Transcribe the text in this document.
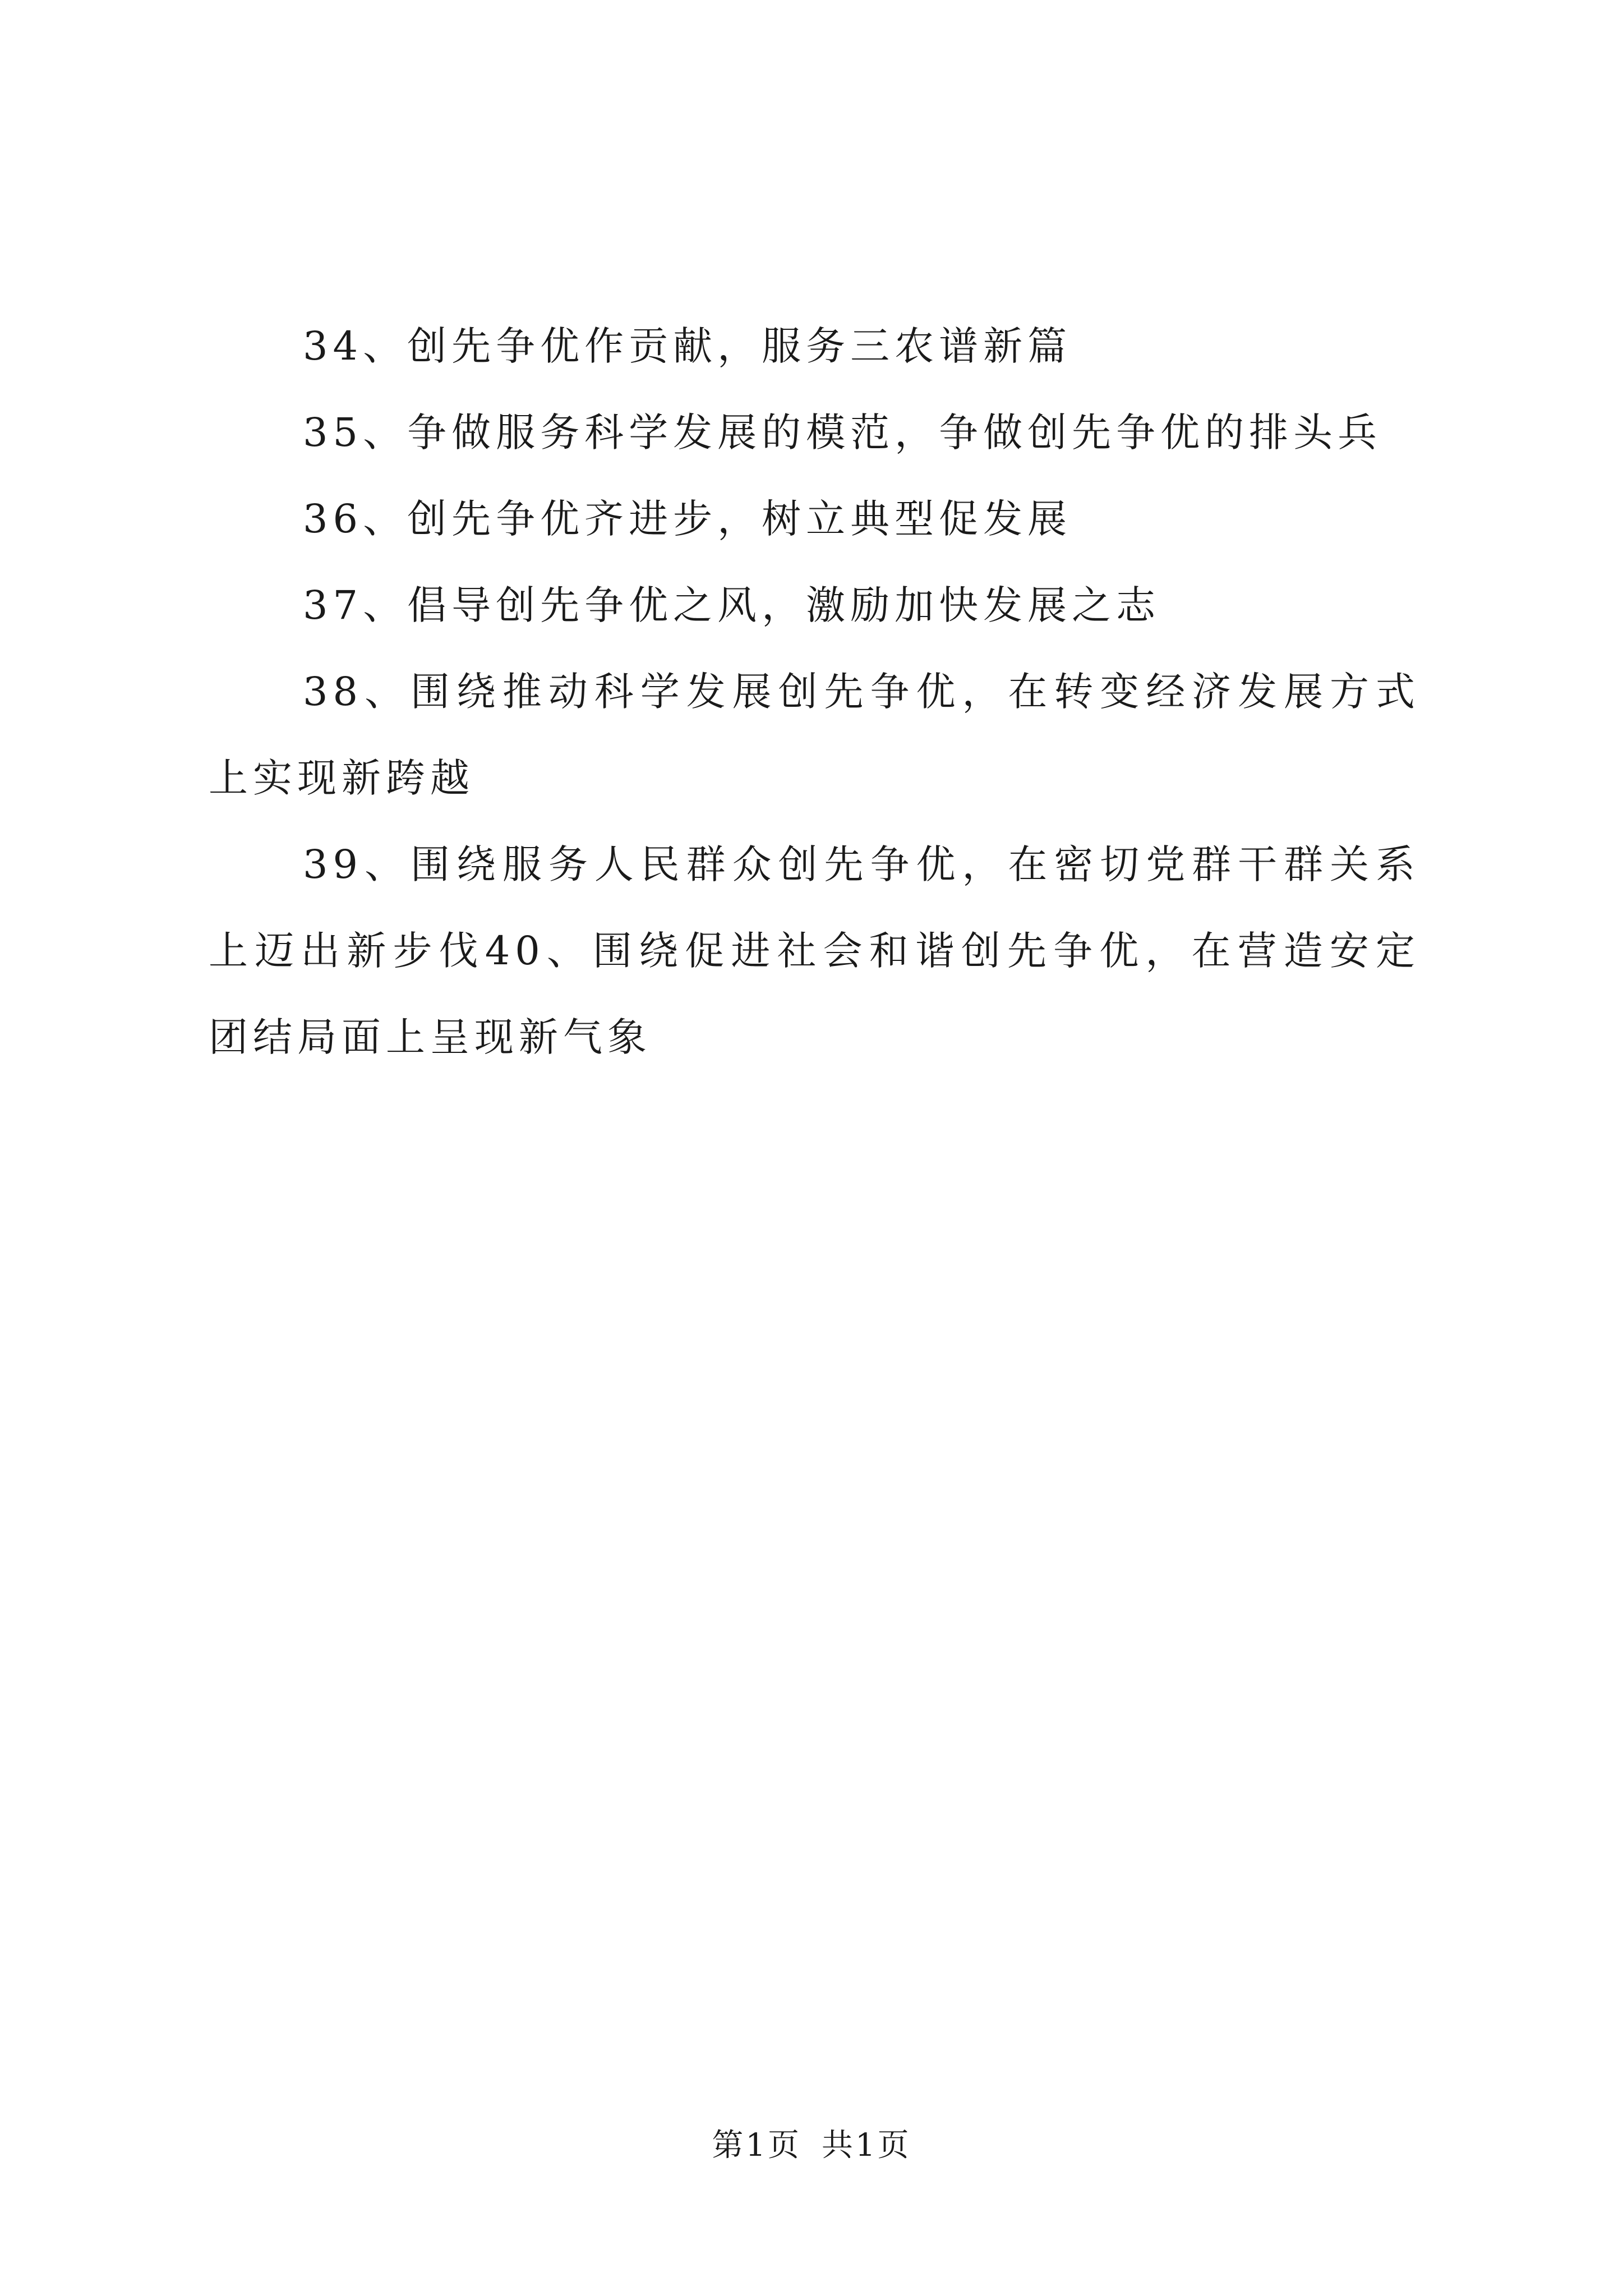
34、创先争优作贡献，服务三农谱新篇

35、争做服务科学发展的模范，争做创先争优的排头兵

36、创先争优齐进步，树立典型促发展

37、倡导创先争优之风，激励加快发展之志

38、围绕推动科学发展创先争优，在转变经济发展方式上实现新跨越

39、围绕服务人民群众创先争优，在密切党群干群关系上迈出新步伐40、围绕促进社会和谐创先争优，在营造安定团结局面上呈现新气象

第1页 共1页
